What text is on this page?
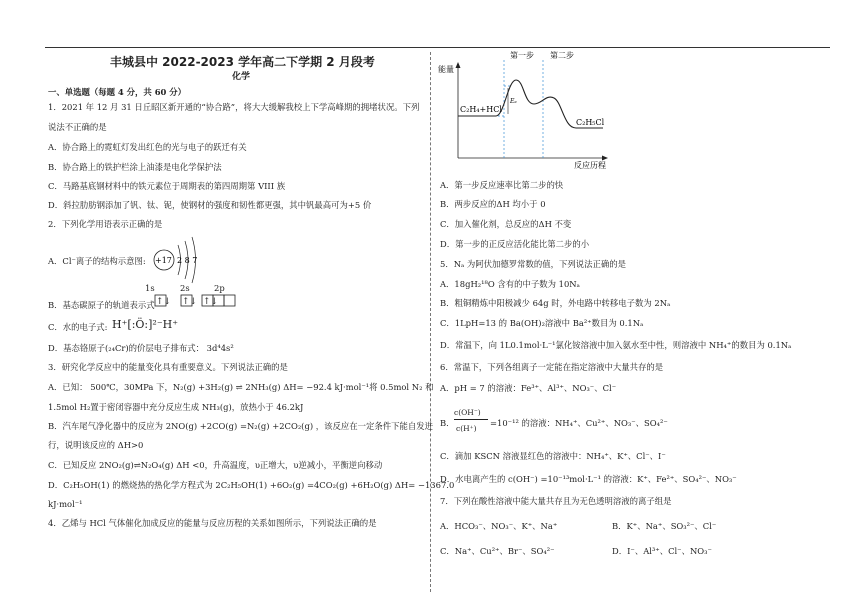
丰城县中 2022-2023 学年高二下学期 2 月段考
化学
一、单选题（每题 4 分，共 60 分）
1．2021 年 12 月 31 日丘昭区新开通的“协合路”，将大大缓解我校上下学高峰期的拥堵状况。下列
说法不正确的是
A．协合路上的霓虹灯发出红色的光与电子的跃迁有关
B．协合路上的铁护栏涂上油漆是电化学保护法
C．马路基底钢材料中的铁元素位于周期表的第四周期第 VIII 族
D．斜拉肋肪钢添加了钒、钛、铌，使钢材的强度和韧性都更强，其中钒最高可为+5 价
2．下列化学用语表示正确的是
A．Cl⁻离子的结构示意图: +17 2 8 7
1s	2s	2p
B．基态碳原子的轨道表示式 ↑↓ ↑↓ ↑↓
C．水的电子式: H⁺[:Ö:]²⁻H⁺
D．基态铬原子(₂₄Cr)的价层电子排布式： 3d⁴4s²
3．研究化学反应中的能量变化具有重要意义。下列说法正确的是
A．已知： 500℃，30MPa 下，N₂(g) +3H₂(g) ⇌ 2NH₃(g) ΔH= −92.4 kJ·mol⁻¹将 0.5mol N₂ 和
1.5mol H₂置于密闭容器中充分反应生成 NH₃(g)，放热小于 46.2kJ
B．汽车尾气净化器中的反应为 2NO(g) +2CO(g) =N₂(g) +2CO₂(g) ，该反应在一定条件下能自发进
行，说明该反应的 ΔH>0
C．已知反应 2NO₂(g)⇌N₂O₄(g) ΔH <0，升高温度，υ正增大，υ逆减小，平衡逆向移动
D．C₂H₅OH(1) 的燃烧热的热化学方程式为 2C₂H₅OH(1) +6O₂(g) =4CO₂(g) +6H₂O(g) ΔH= −1367.0
kJ·mol⁻¹
4．乙烯与 HCl 气体催化加成反应的能量与反应历程的关系如图所示，下列说法正确的是
能量
反应历程
第一步 第二步
Eₐ
C₂H₄+HCl
C₂H₅Cl
A．第一步反应速率比第二步的快
B．两步反应的ΔH 均小于 0
C．加入催化剂，总反应的ΔH 不变
D．第一步的正反应活化能比第二步的小
5．Nₐ 为阿伏加德罗常数的值，下列说法正确的是
A．18gH₂¹⁸O 含有的中子数为 10Nₐ
B．粗铜精炼中阳极减少 64g 时，外电路中转移电子数为 2Nₐ
C．1LpH=13 的 Ba(OH)₂溶液中 Ba²⁺数目为 0.1Nₐ
D．常温下，向 1L0.1mol·L⁻¹氯化铵溶液中加入氨水至中性，则溶液中 NH₄⁺的数目为 0.1Nₐ
6．常温下，下列各组离子一定能在指定溶液中大量共存的是
A．pH = 7 的溶液：Fe³⁺、Al³⁺、NO₃⁻、Cl⁻
B．
c(OH⁻)
c(H⁺)
=10⁻¹² 的溶液：NH₄⁺、Cu²⁺、NO₃⁻、SO₄²⁻
C．滴加 KSCN 溶液显红色的溶液中：NH₄⁺、K⁺、Cl⁻、I⁻
D．水电离产生的 c(OH⁻) =10⁻¹³mol·L⁻¹ 的溶液：K⁺、Fe²⁺、SO₄²⁻、NO₃⁻
7．下列在酸性溶液中能大量共存且为无色透明溶液的离子组是
A．HCO₃⁻、NO₃⁻、K⁺、Na⁺	B．K⁺、Na⁺、SO₃²⁻、Cl⁻
C．Na⁺、Cu²⁺、Br⁻、SO₄²⁻	D．I⁻、Al³⁺、Cl⁻、NO₃⁻
